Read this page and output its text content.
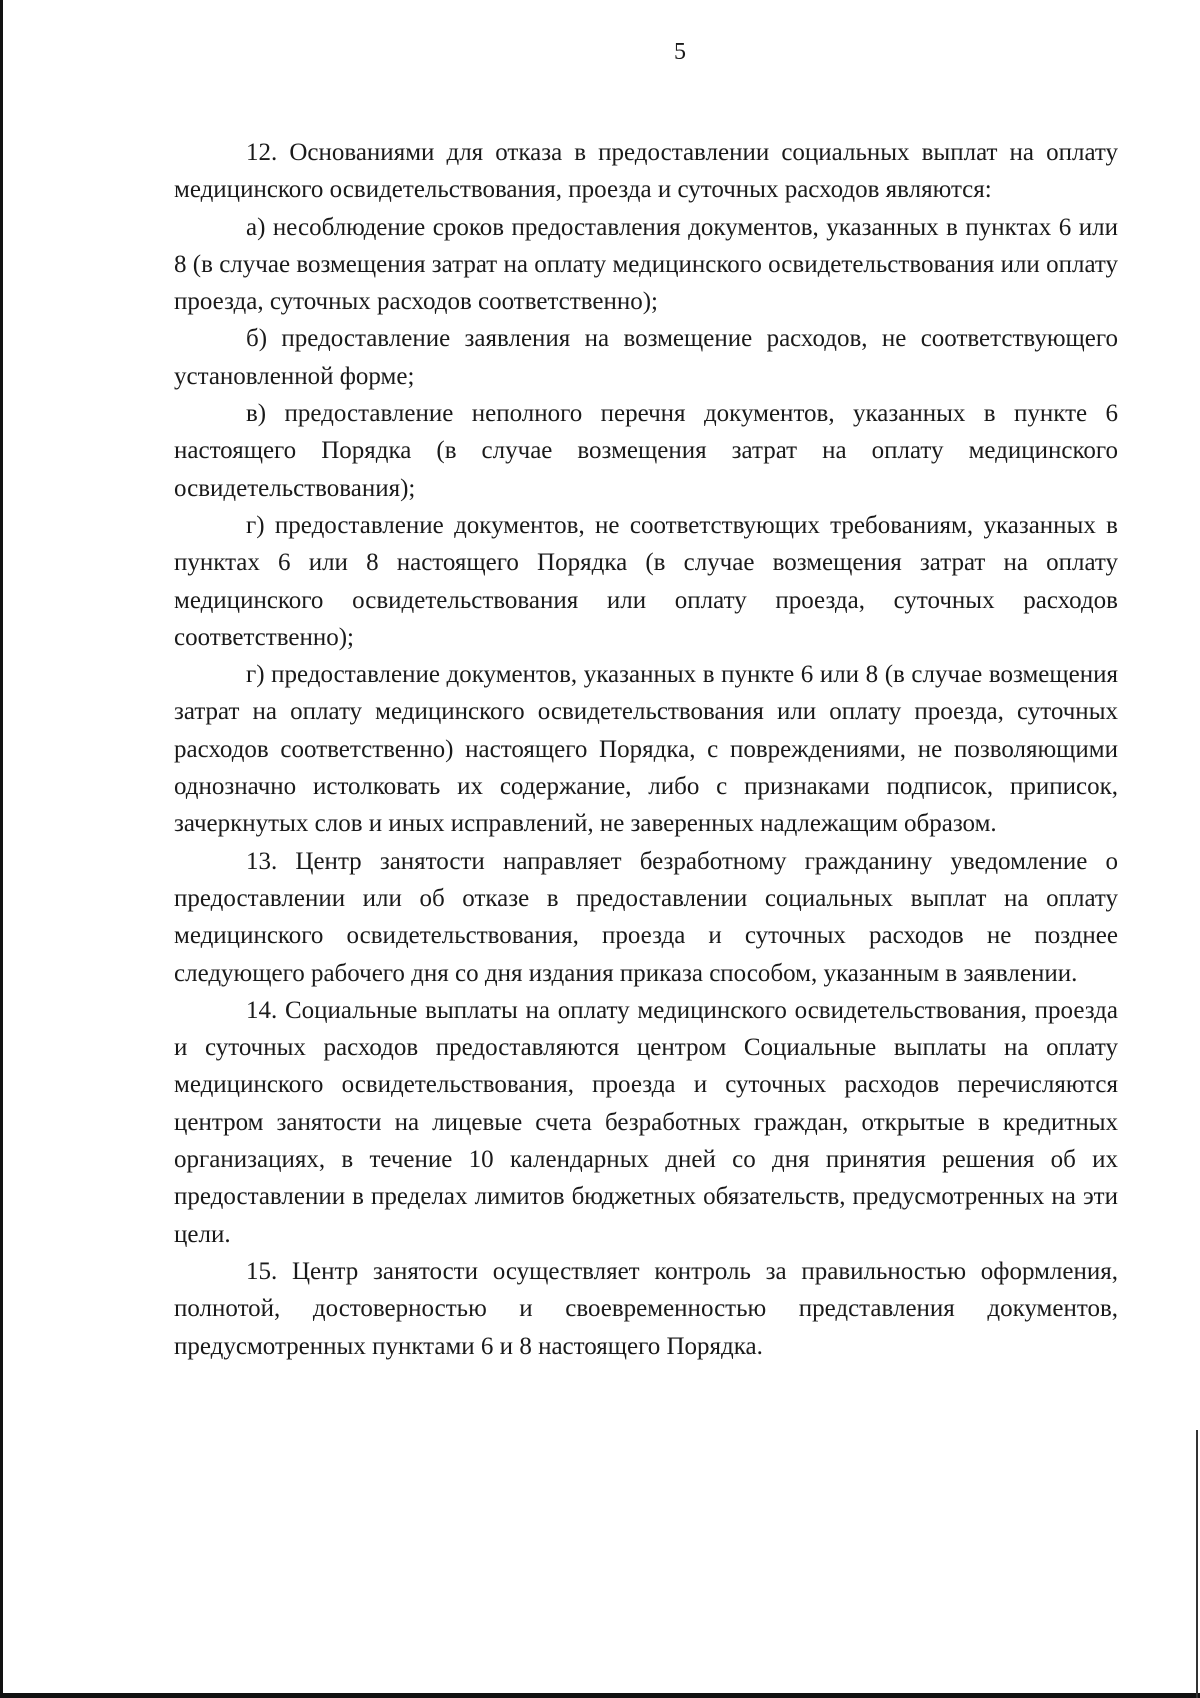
5

12. Основаниями для отказа в предоставлении социальных выплат на оплату медицинского освидетельствования, проезда и суточных расходов являются:

а) несоблюдение сроков предоставления документов, указанных в пунктах 6 или 8 (в случае возмещения затрат на оплату медицинского освидетельствования или оплату проезда, суточных расходов соответственно);

б) предоставление заявления на возмещение расходов, не соответствующего установленной форме;

в) предоставление неполного перечня документов, указанных в пункте 6 настоящего Порядка (в случае возмещения затрат на оплату медицинского освидетельствования);

г) предоставление документов, не соответствующих требованиям, указанных в пунктах 6 или 8 настоящего Порядка (в случае возмещения затрат на оплату медицинского освидетельствования или оплату проезда, суточных расходов соответственно);

г) предоставление документов, указанных в пункте 6 или 8 (в случае возмещения затрат на оплату медицинского освидетельствования или оплату проезда, суточных расходов соответственно) настоящего Порядка, с повреждениями, не позволяющими однозначно истолковать их содержание, либо с признаками подписок, приписок, зачеркнутых слов и иных исправлений, не заверенных надлежащим образом.

13. Центр занятости направляет безработному гражданину уведомление о предоставлении или об отказе в предоставлении социальных выплат на оплату медицинского освидетельствования, проезда и суточных расходов не позднее следующего рабочего дня со дня издания приказа способом, указанным в заявлении.

14. Социальные выплаты на оплату медицинского освидетельствования, проезда и суточных расходов предоставляются центром Социальные выплаты на оплату медицинского освидетельствования, проезда и суточных расходов перечисляются центром занятости на лицевые счета безработных граждан, открытые в кредитных организациях, в течение 10 календарных дней со дня принятия решения об их предоставлении в пределах лимитов бюджетных обязательств, предусмотренных на эти цели.

15. Центр занятости осуществляет контроль за правильностью оформления, полнотой, достоверностью и своевременностью представления документов, предусмотренных пунктами 6 и 8 настоящего Порядка.
